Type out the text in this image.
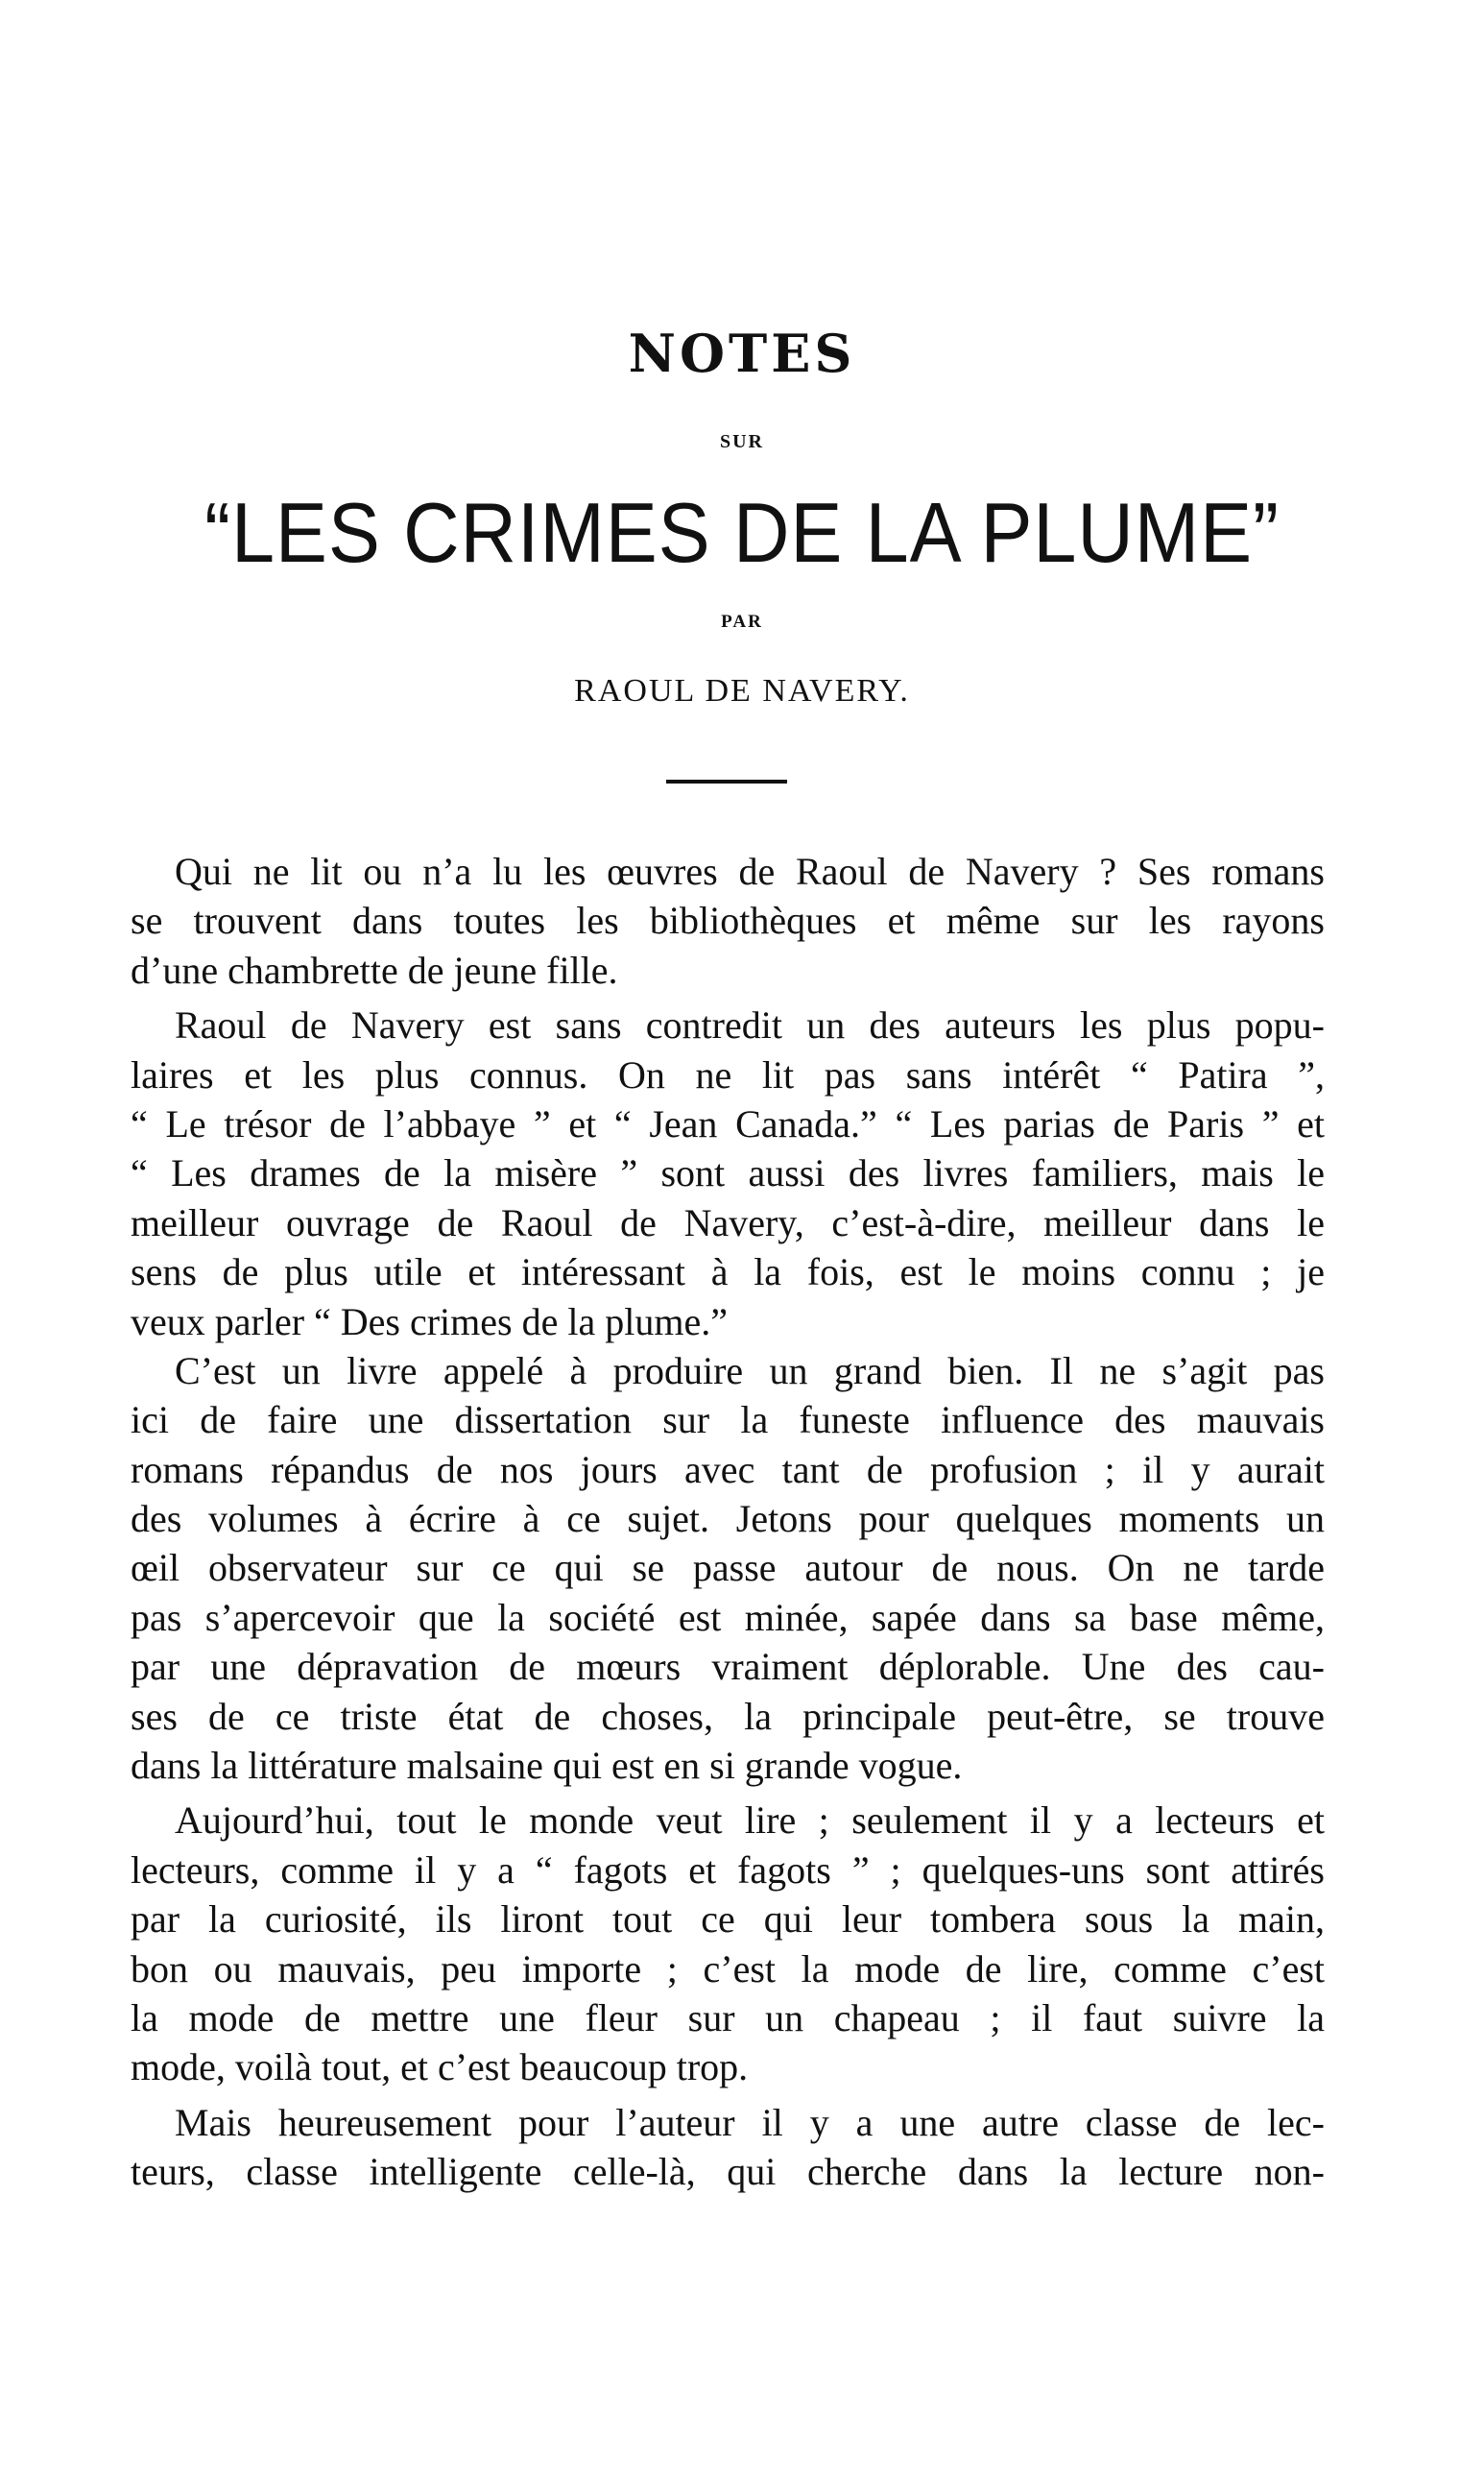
NOTES
SUR
“LES CRIMES DE LA PLUME”
PAR
RAOUL DE NAVERY.
Qui ne lit ou n’a lu les œuvres de Raoul de Navery ? Ses romans
se trouvent dans toutes les bibliothèques et même sur les rayons
d’une chambrette de jeune fille.
Raoul de Navery est sans contredit un des auteurs les plus popu-
laires et les plus connus. On ne lit pas sans intérêt “ Patira ”,
“ Le trésor de l’abbaye ” et “ Jean Canada.” “ Les parias de Paris ” et
“ Les drames de la misère ” sont aussi des livres familiers, mais le
meilleur ouvrage de Raoul de Navery, c’est-à-dire, meilleur dans le
sens de plus utile et intéressant à la fois, est le moins connu ; je
veux parler “ Des crimes de la plume.”
C’est un livre appelé à produire un grand bien. Il ne s’agit pas
ici de faire une dissertation sur la funeste influence des mauvais
romans répandus de nos jours avec tant de profusion ; il y aurait
des volumes à écrire à ce sujet. Jetons pour quelques moments un
œil observateur sur ce qui se passe autour de nous. On ne tarde
pas s’apercevoir que la société est minée, sapée dans sa base même,
par une dépravation de mœurs vraiment déplorable. Une des cau-
ses de ce triste état de choses, la principale peut-être, se trouve
dans la littérature malsaine qui est en si grande vogue.
Aujourd’hui, tout le monde veut lire ; seulement il y a lecteurs et
lecteurs, comme il y a “ fagots et fagots ” ; quelques-uns sont attirés
par la curiosité, ils liront tout ce qui leur tombera sous la main,
bon ou mauvais, peu importe ; c’est la mode de lire, comme c’est
la mode de mettre une fleur sur un chapeau ; il faut suivre la
mode, voilà tout, et c’est beaucoup trop.
Mais heureusement pour l’auteur il y a une autre classe de lec-
teurs, classe intelligente celle-là, qui cherche dans la lecture non-
